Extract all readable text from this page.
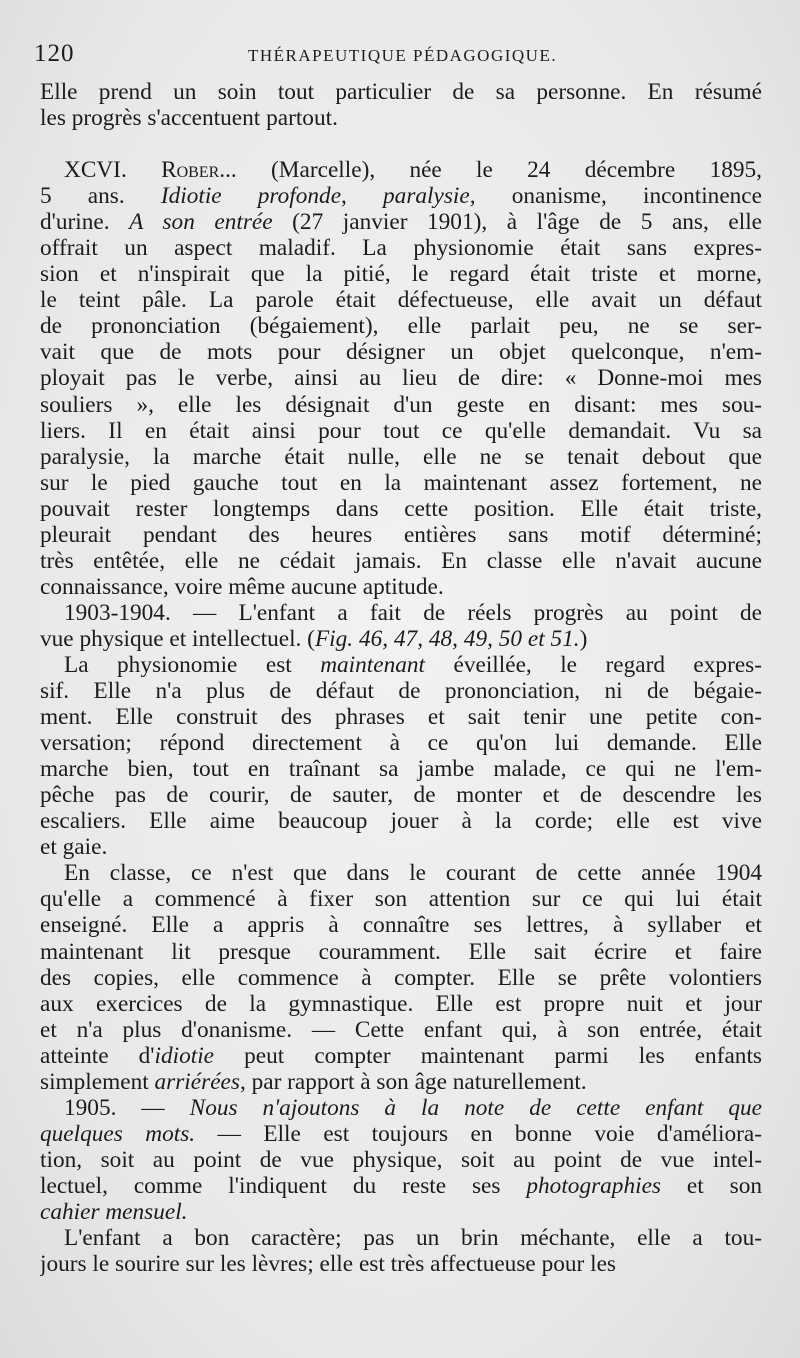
120	THÉRAPEUTIQUE PÉDAGOGIQUE.
Elle prend un soin tout particulier de sa personne. En résumé
les progrès s'accentuent partout.
XCVI. Rober... (Marcelle), née le 24 décembre 1895,
5 ans. Idiotie profonde, paralysie, onanisme, incontinence
d'urine. A son entrée (27 janvier 1901), à l'âge de 5 ans, elle
offrait un aspect maladif. La physionomie était sans expres-
sion et n'inspirait que la pitié, le regard était triste et morne,
le teint pâle. La parole était défectueuse, elle avait un défaut
de prononciation (bégaiement), elle parlait peu, ne se ser-
vait que de mots pour désigner un objet quelconque, n'em-
ployait pas le verbe, ainsi au lieu de dire: « Donne-moi mes
souliers », elle les désignait d'un geste en disant: mes sou-
liers. Il en était ainsi pour tout ce qu'elle demandait. Vu sa
paralysie, la marche était nulle, elle ne se tenait debout que
sur le pied gauche tout en la maintenant assez fortement, ne
pouvait rester longtemps dans cette position. Elle était triste,
pleurait pendant des heures entières sans motif déterminé;
très entêtée, elle ne cédait jamais. En classe elle n'avait aucune
connaissance, voire même aucune aptitude.
1903-1904. — L'enfant a fait de réels progrès au point de
vue physique et intellectuel. (Fig. 46, 47, 48, 49, 50 et 51.)
La physionomie est maintenant éveillée, le regard expres-
sif. Elle n'a plus de défaut de prononciation, ni de bégaie-
ment. Elle construit des phrases et sait tenir une petite con-
versation; répond directement à ce qu'on lui demande. Elle
marche bien, tout en traînant sa jambe malade, ce qui ne l'em-
pêche pas de courir, de sauter, de monter et de descendre les
escaliers. Elle aime beaucoup jouer à la corde; elle est vive
et gaie.
En classe, ce n'est que dans le courant de cette année 1904
qu'elle a commencé à fixer son attention sur ce qui lui était
enseigné. Elle a appris à connaître ses lettres, à syllaber et
maintenant lit presque couramment. Elle sait écrire et faire
des copies, elle commence à compter. Elle se prête volontiers
aux exercices de la gymnastique. Elle est propre nuit et jour
et n'a plus d'onanisme. — Cette enfant qui, à son entrée, était
atteinte d'idiotie peut compter maintenant parmi les enfants
simplement arriérées, par rapport à son âge naturellement.
1905. — Nous n'ajoutons à la note de cette enfant que
quelques mots. — Elle est toujours en bonne voie d'améliora-
tion, soit au point de vue physique, soit au point de vue intel-
lectuel, comme l'indiquent du reste ses photographies et son
cahier mensuel.
L'enfant a bon caractère; pas un brin méchante, elle a tou-
jours le sourire sur les lèvres; elle est très affectueuse pour les
